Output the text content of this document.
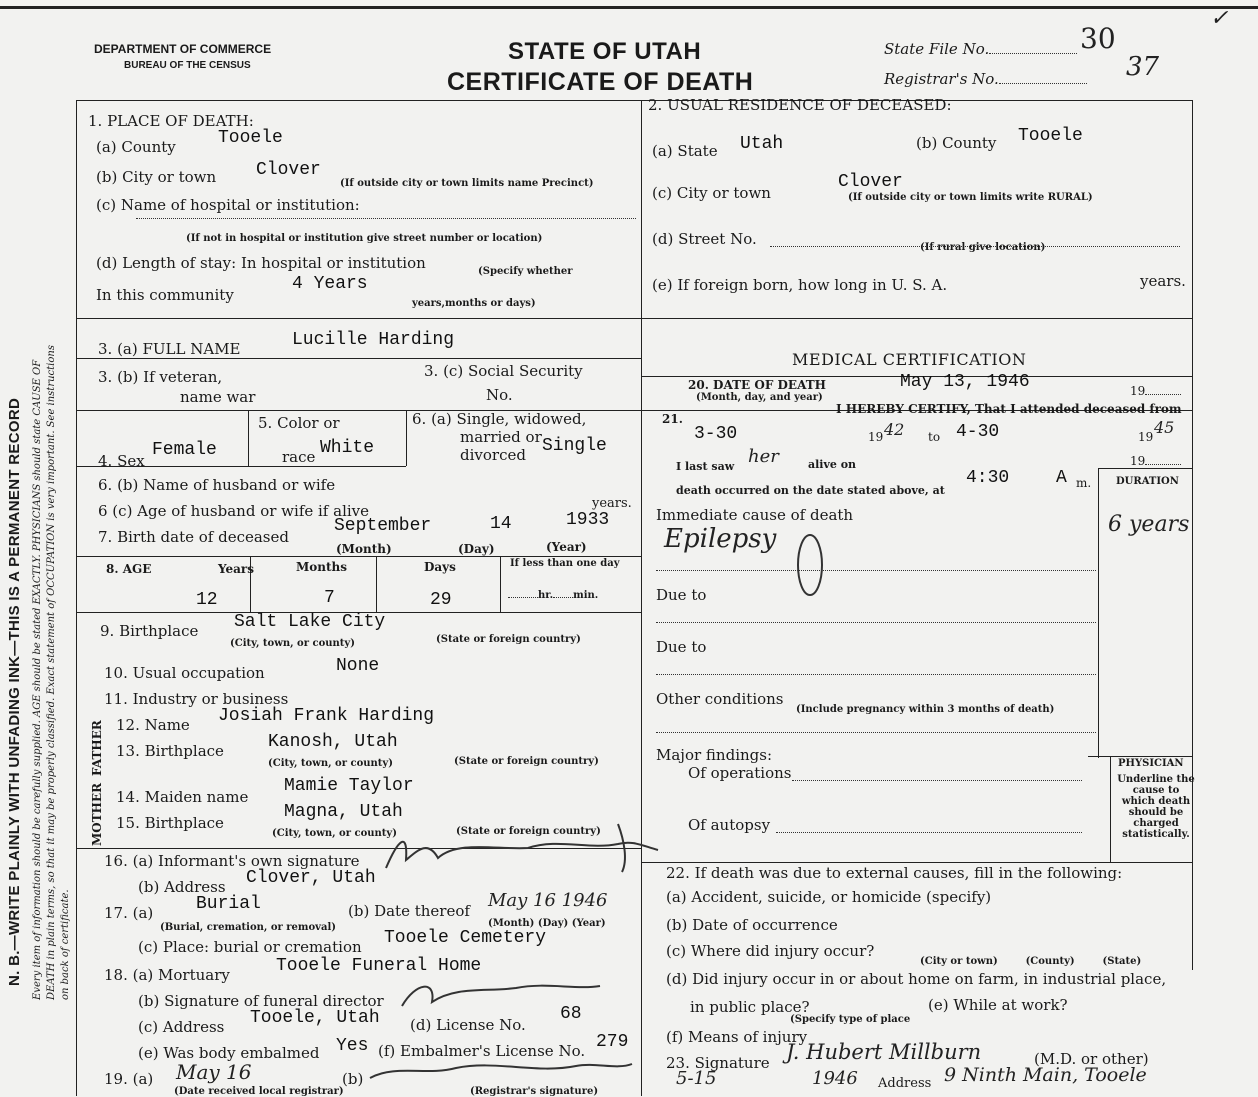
N. B.—WRITE PLAINLY WITH UNFADING INK—THIS IS A PERMANENT RECORD Every item of information should be carefully supplied. AGE should be stated EXACTLY. PHYSICIANS should state CAUSE OF DEATH in plain terms, so that it may be properly classified. Exact statement of OCCUPATION is very important. See instructions on back of certificate.
DEPARTMENT OF COMMERCE
BUREAU OF THE CENSUS
STATE OF UTAH
CERTIFICATE OF DEATH
State File No.	30
Registrar's No.	37
✓
1. PLACE OF DEATH:
(a) County Tooele
(b) City or town Clover
(If outside city or town limits name Precinct)
(c) Name of hospital or institution:
(If not in hospital or institution give street number or location)
(d) Length of stay: In hospital or institution	(Specify whether
In this community
4 Years
years,months or days)
2. USUAL RESIDENCE OF DECEASED:
(a) State Utah	(b) County Tooele
(c) City or town
Clover
(If outside city or town limits write RURAL)
(d) Street No.	(If rural give location)
(e) If foreign born, how long in U. S. A.	years.
3. (a) FULL NAME	Lucille Harding
3. (b) If veteran,
name war
3. (c) Social Security
No.
4. Sex
Female
5. Color or
race White
6. (a) Single, widowed,
married or
divorced Single
6. (b) Name of husband or wife
6 (c) Age of husband or wife if alive	years.
7. Birth date of deceased
September	14	1933
(Month)	(Day)	(Year)
8. AGE	Years	Months	Days	If less than one day
12	7	29	hr. min.
9. Birthplace Salt Lake City
(City, town, or county)	(State or foreign country)
10. Usual occupation	None
11. Industry or business
FATHER
MOTHER
12. Name Josiah Frank Harding
13. Birthplace Kanosh, Utah
(City, town, or county)	(State or foreign country)
14. Maiden name
Mamie Taylor
15. Birthplace
Magna, Utah
(City, town, or county)	(State or foreign country)
16. (a) Informant's own signature
(b) Address Clover, Utah
17. (a) Burial
(Burial, cremation, or removal)
(b) Date thereof May 16 1946
(Month) (Day) (Year)
(c) Place: burial or cremation Tooele Cemetery
18. (a) Mortuary	Tooele Funeral Home
(b) Signature of funeral director
(c) Address Tooele, Utah (d) License No.
68
(e) Was body embalmed Yes (f) Embalmer's License No. 279
19. (a) May 16
(Date received local registrar)
(b)
(Registrar's signature)
MEDICAL CERTIFICATION
20. DATE OF DEATH
(Month, day, and year)
May 13, 1946	19
21.
I HEREBY CERTIFY, That I attended deceased from
3-30	19 42 to 4-30	19 45
I last saw her	alive on	19
death occurred on the date stated above, at
4:30	A m. DURATION
Immediate cause of death
Epilepsy	6 years
Due to
Due to
Other conditions
(Include pregnancy within 3 months of death)
Major findings:
Of operations
Of autopsy
PHYSICIAN
Underline the cause to which death should be charged statistically.
22. If death was due to external causes, fill in the following:
(a) Accident, suicide, or homicide (specify)
(b) Date of occurrence
(c) Where did injury occur?
(City or town)        (County)        (State)
(d) Did injury occur in or about home on farm, in industrial place,
in public place?	(e) While at work?
(f) Means of injury
(Specify type of place
23. Signature J. Hubert Millburn	(M.D. or other)
5-15	1946 Address 9 Ninth Main, Tooele
